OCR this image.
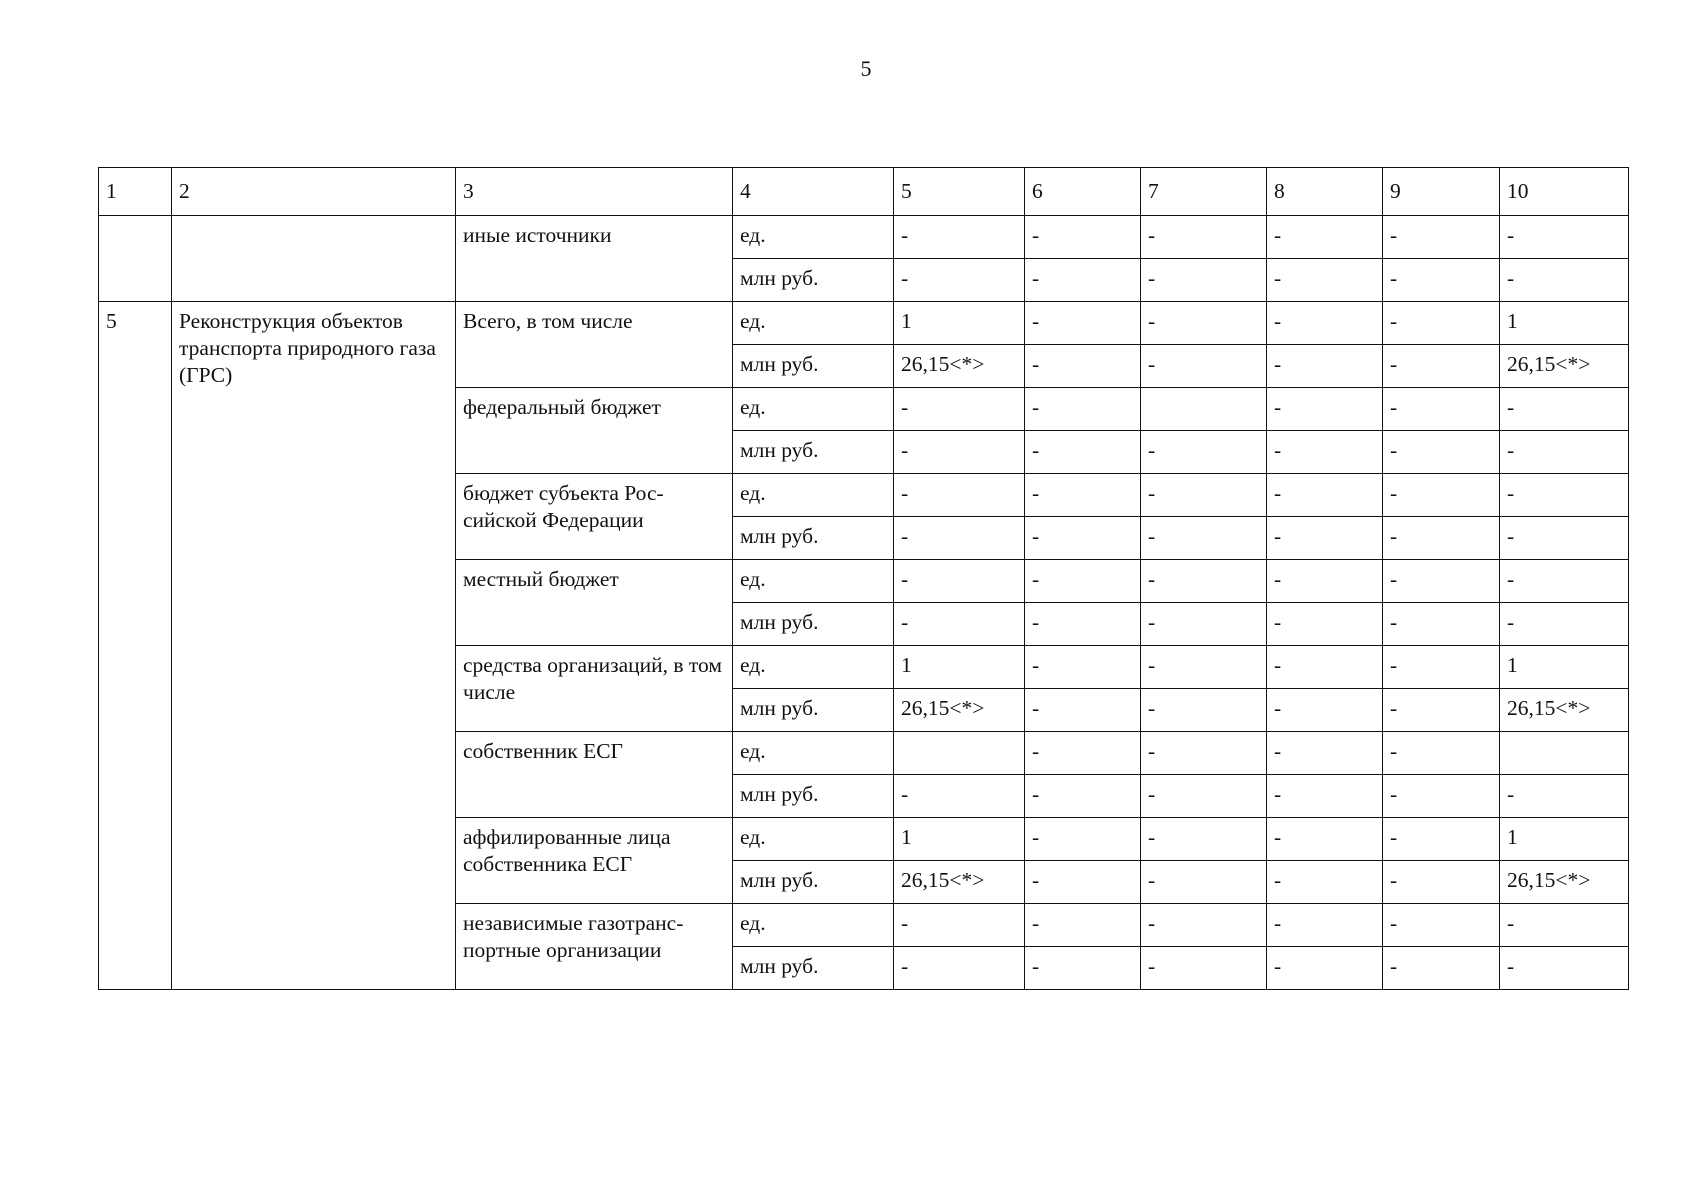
5
1	2	3	4	5	6	7	8	9	10
		иные источники	ед.	-	-	-	-	-	-
			млн руб.	-	-	-	-	-	-
5	Реконструкция объектов транспорта природного газа (ГРС)	Всего, в том числе	ед.	1	-	-	-	-	1
			млн руб.	26,15<*>	-	-	-	-	26,15<*>
		федеральный бюджет	ед.	-	-		-	-	-
			млн руб.	-	-	-	-	-	-
		бюджет субъекта Рос-сийской Федерации	ед.	-	-	-	-	-	-
			млн руб.	-	-	-	-	-	-
		местный бюджет	ед.	-	-	-	-	-	-
			млн руб.	-	-	-	-	-	-
		средства организаций, в том числе	ед.	1	-	-	-	-	1
			млн руб.	26,15<*>	-	-	-	-	26,15<*>
		собственник ЕСГ	ед.		-	-	-	-	
			млн руб.	-	-	-	-	-	-
		аффилированные лица собственника ЕСГ	ед.	1	-	-	-	-	1
			млн руб.	26,15<*>	-	-	-	-	26,15<*>
		независимые газотранс-портные организации	ед.	-	-	-	-	-	-
			млн руб.	-	-	-	-	-	-
